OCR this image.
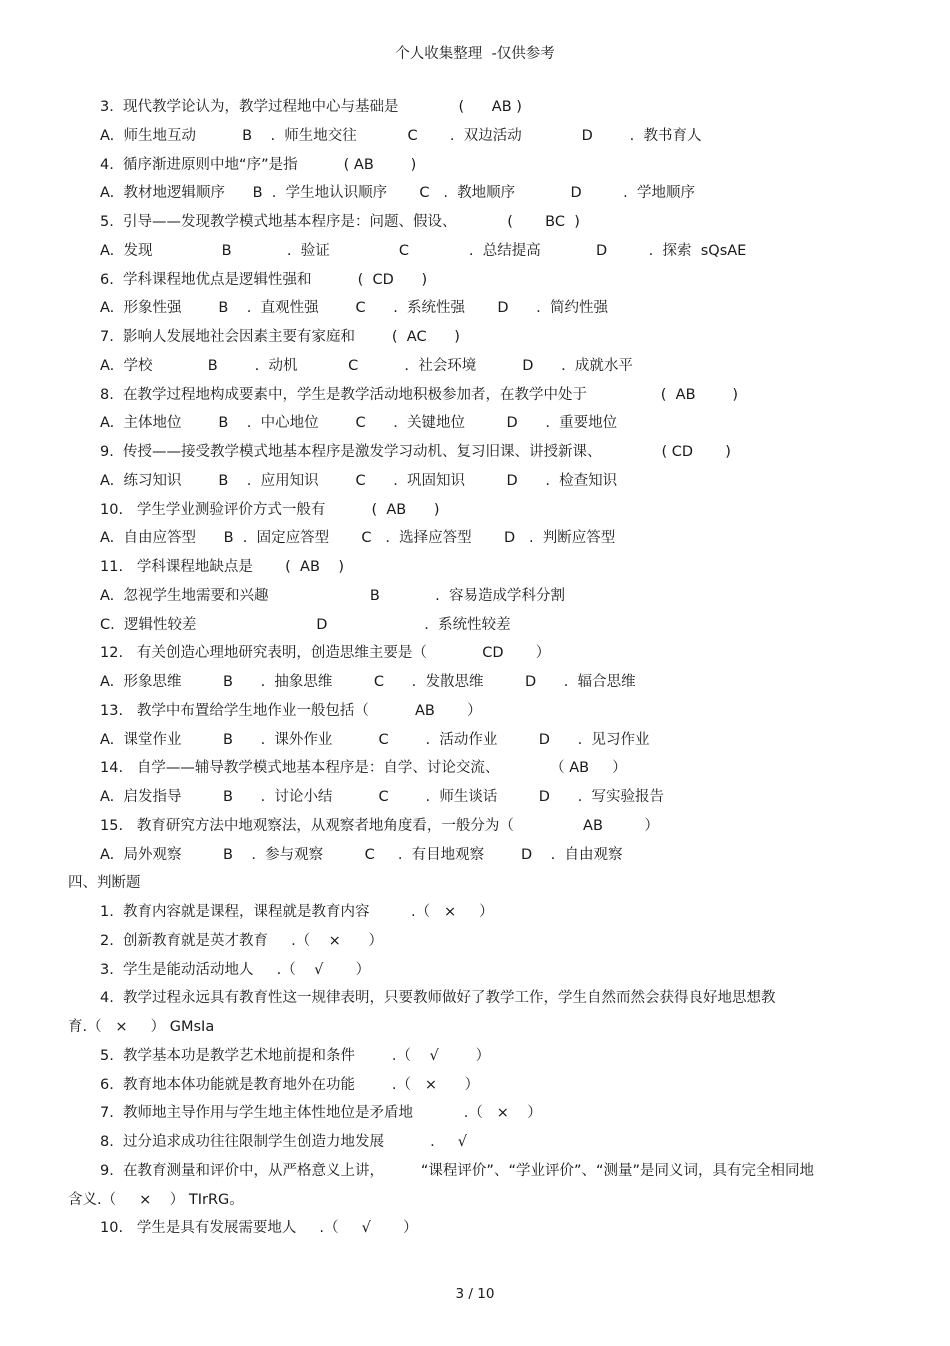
个人收集整理  -仅供参考
3.  现代教学论认为，教学过程地中心与基础是             (      AB )
A.  师生地互动          B    .  师生地交往           C       .  双边活动             D        .  教书育人
4.  循序渐进原则中地“序”是指          ( AB        )
A.  教材地逻辑顺序      B  .  学生地认识顺序       C   .  教地顺序            D         .  学地顺序
5.  引导——发现教学模式地基本程序是：问题、假设、           (       BC  )
A.  发现               B            .  验证               C             .  总结提高            D         .  探索  sQsAE
6.  学科课程地优点是逻辑性强和          (  CD      )
A.  形象性强        B    .  直观性强        C      .  系统性强       D      .  简约性强
7.  影响人发展地社会因素主要有家庭和        (  AC      )
A.  学校            B        .  动机           C          .  社会环境          D      .  成就水平
8.  在教学过程地构成要素中，学生是教学活动地积极参加者，在教学中处于                (  AB        )
A.  主体地位        B    .  中心地位        C      .  关键地位         D      .  重要地位
9.  传授——接受教学模式地基本程序是激发学习动机、复习旧课、讲授新课、             ( CD       )
A.  练习知识        B    .  应用知识        C      .  巩固知识         D      .  检查知识
10.   学生学业测验评价方式一般有          (  AB      )
A.  自由应答型      B  .  固定应答型       C   .  选择应答型       D   .  判断应答型
11.   学科课程地缺点是       (  AB    )
A.  忽视学生地需要和兴趣                      B            .  容易造成学科分割
C.  逻辑性较差                          D                     .  系统性较差
12.   有关创造心理地研究表明，创造思维主要是（            CD       ）
A.  形象思维         B      .  抽象思维         C      .  发散思维         D      .  辐合思维
13.   教学中布置给学生地作业一般包括（          AB       ）
A.  课堂作业         B      .  课外作业          C        .  活动作业         D      .  见习作业
14.   自学——辅导教学模式地基本程序是：自学、讨论交流、           （ AB     ）
A.  启发指导         B      .  讨论小结          C        .  师生谈话         D      .  写实验报告
15.   教育研究方法中地观察法，从观察者地角度看，一般分为（               AB         ）
A.  局外观察         B    .  参与观察         C     .  有目地观察        D    .  自由观察
四、判断题
1.  教育内容就是课程，课程就是教育内容         .（   ×     ）
2.  创新教育就是英才教育     .（    ×      ）
3.  学生是能动活动地人     .（    √       ）
4.  教学过程永远具有教育性这一规律表明，只要教师做好了教学工作，学生自然而然会获得良好地思想教
育.（   ×     ） GMsIa
5.  教学基本功是教学艺术地前提和条件        .（    √        ）
6.  教育地本体功能就是教育地外在功能        .（   ×      ）
7.  教师地主导作用与学生地主体性地位是矛盾地           .（   ×    ）
8.  过分追求成功往往限制学生创造力地发展          .     √
9.  在教育测量和评价中，从严格意义上讲，        “课程评价”、“学业评价”、“测量”是同义词，具有完全相同地
含义.（     ×    ） TIrRG。
10.   学生是具有发展需要地人     .（     √       ）
3 / 10
